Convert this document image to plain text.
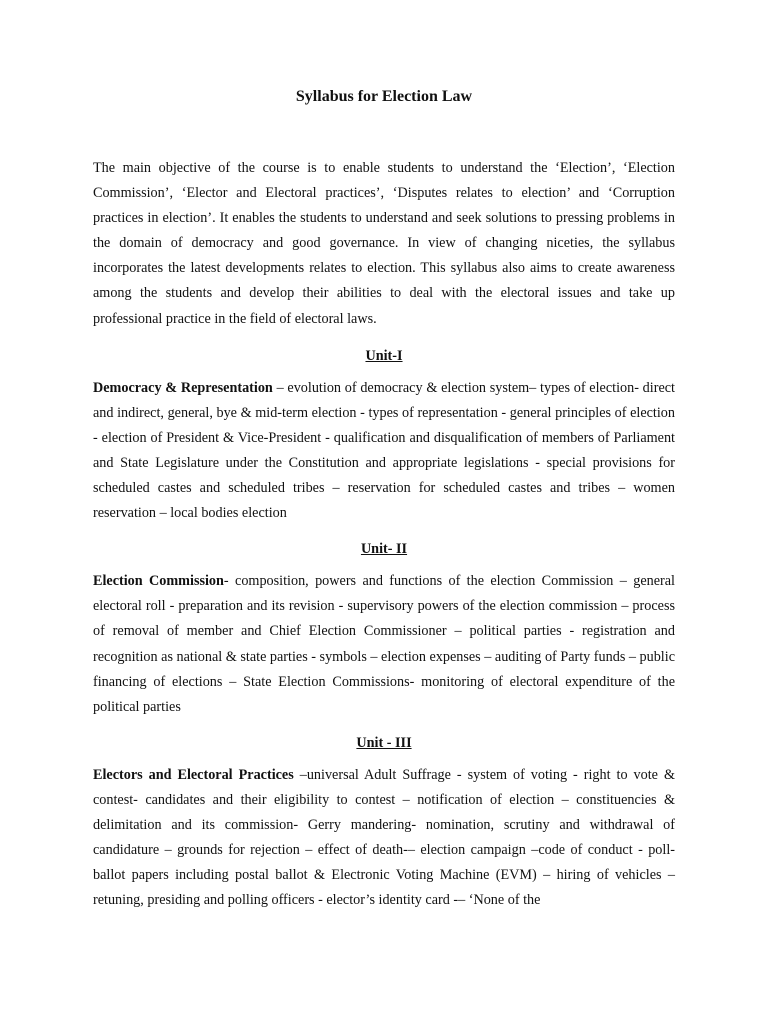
Syllabus for Election Law

The main objective of the course is to enable students to understand the ‘Election’, ‘Election Commission’, ‘Elector and Electoral practices’, ‘Disputes relates to election’ and ‘Corruption practices in election’. It enables the students to understand and seek solutions to pressing problems in the domain of democracy and good governance. In view of changing niceties, the syllabus incorporates the latest developments relates to election. This syllabus also aims to create awareness among the students and develop their abilities to deal with the electoral issues and take up professional practice in the field of electoral laws.

Unit-I

Democracy & Representation – evolution of democracy & election system– types of election- direct and indirect, general, bye & mid-term election - types of representation - general principles of election - election of President & Vice-President - qualification and disqualification of members of Parliament and State Legislature under the Constitution and appropriate legislations - special provisions for scheduled castes and scheduled tribes – reservation for scheduled castes and tribes – women reservation – local bodies election

Unit- II

Election Commission- composition, powers and functions of the election Commission – general electoral roll - preparation and its revision - supervisory powers of the election commission – process of removal of member and Chief Election Commissioner – political parties - registration and recognition as national & state parties - symbols – election expenses – auditing of Party funds – public financing of elections – State Election Commissions- monitoring of electoral expenditure of the political parties

Unit - III

Electors and Electoral Practices –universal Adult Suffrage - system of voting - right to vote & contest- candidates and their eligibility to contest – notification of election – constituencies & delimitation and its commission- Gerry mandering- nomination, scrutiny and withdrawal of candidature – grounds for rejection – effect of death-– election campaign –code of conduct - poll- ballot papers including postal ballot & Electronic Voting Machine (EVM) – hiring of vehicles – retuning, presiding and polling officers - elector’s identity card -– ‘None of the
